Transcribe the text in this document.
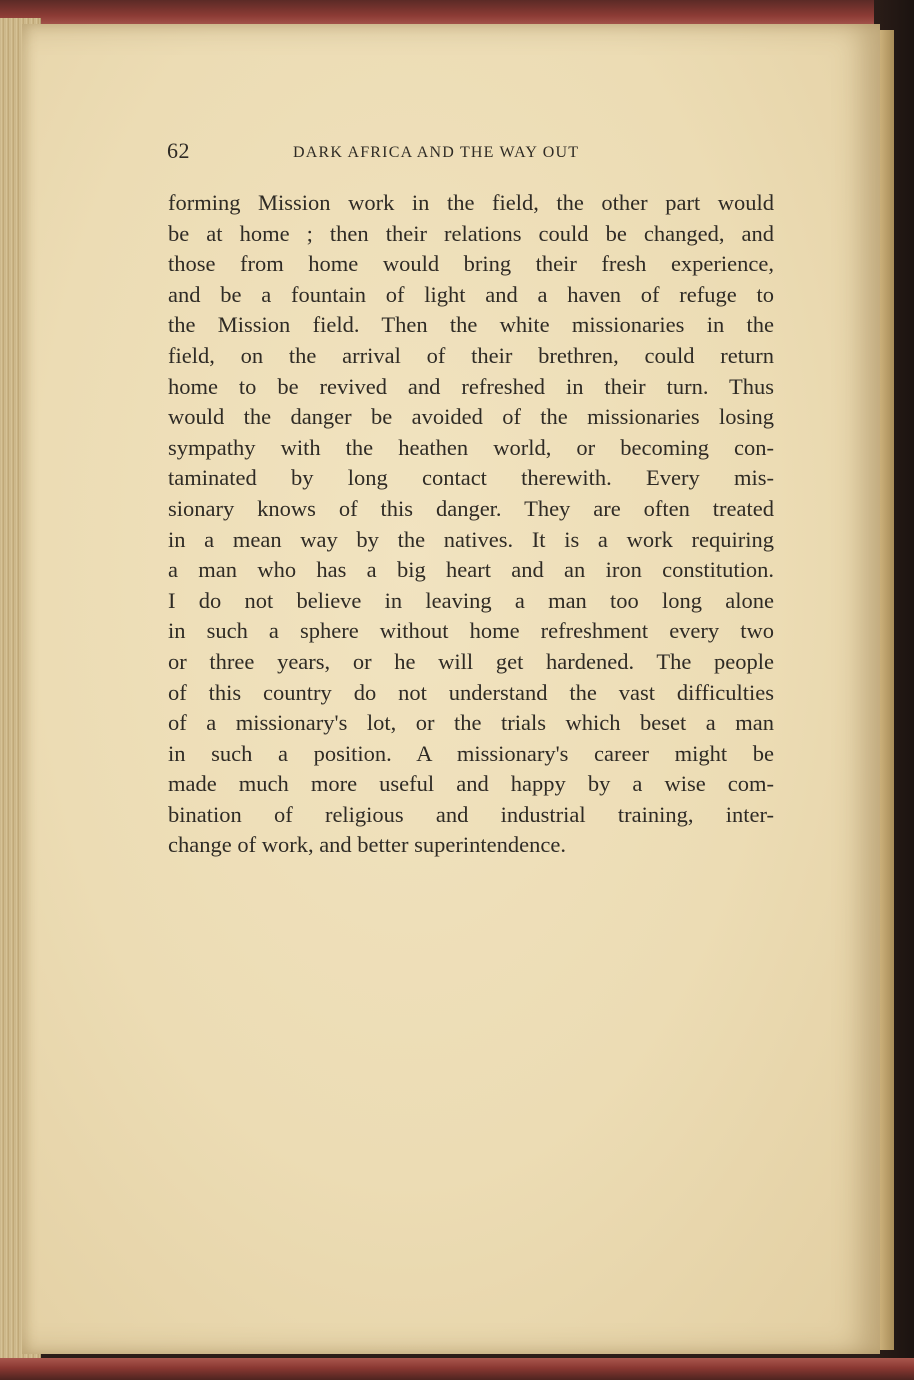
62	DARK AFRICA AND THE WAY OUT
forming Mission work in the field, the other part would
be at home ; then their relations could be changed, and
those from home would bring their fresh experience,
and be a fountain of light and a haven of refuge to
the Mission field. Then the white missionaries in the
field, on the arrival of their brethren, could return
home to be revived and refreshed in their turn. Thus
would the danger be avoided of the missionaries losing
sympathy with the heathen world, or becoming con-
taminated by long contact therewith. Every mis-
sionary knows of this danger. They are often treated
in a mean way by the natives. It is a work requiring
a man who has a big heart and an iron constitution.
I do not believe in leaving a man too long alone
in such a sphere without home refreshment every two
or three years, or he will get hardened. The people
of this country do not understand the vast difficulties
of a missionary's lot, or the trials which beset a man
in such a position. A missionary's career might be
made much more useful and happy by a wise com-
bination of religious and industrial training, inter-
change of work, and better superintendence.
